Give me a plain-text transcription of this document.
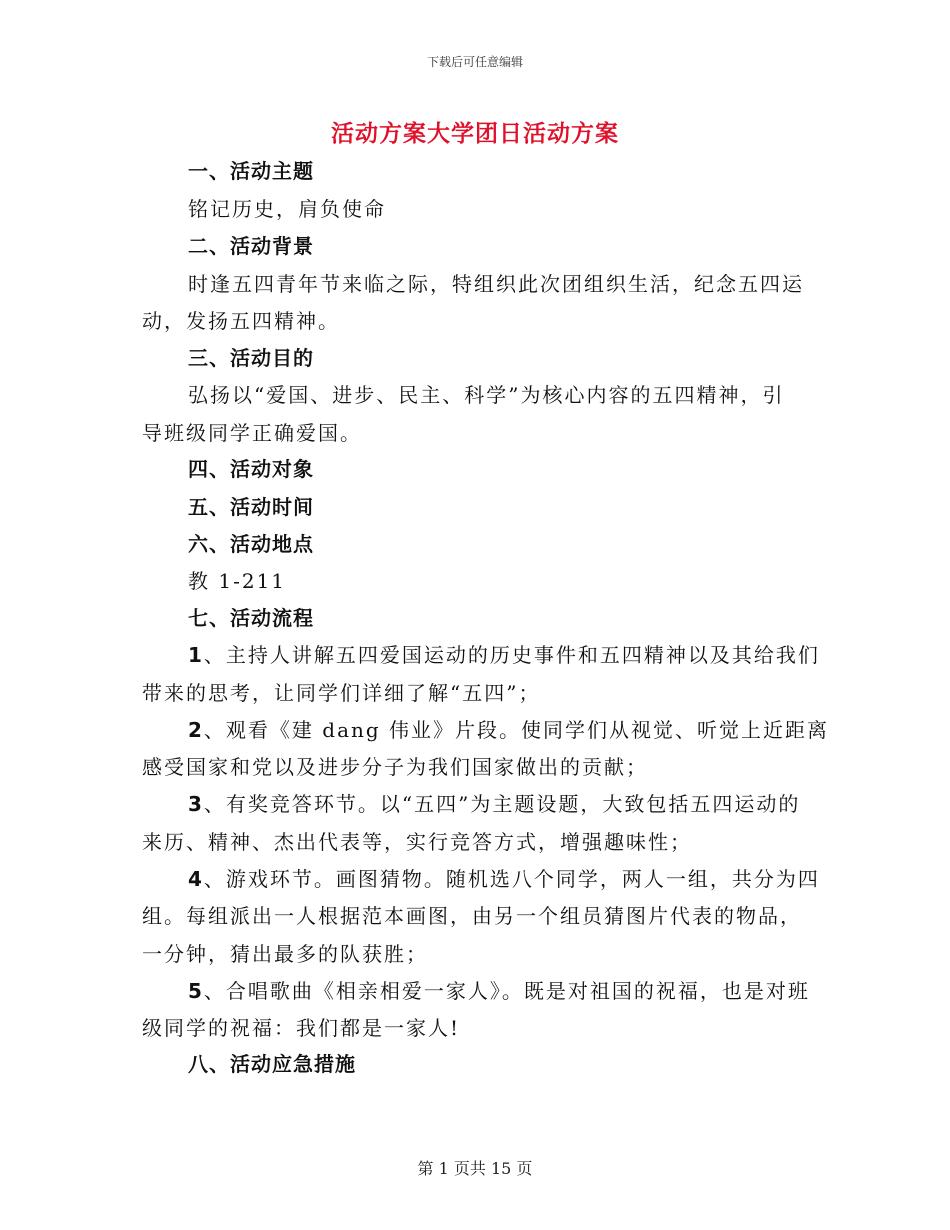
下载后可任意编辑
活动方案大学团日活动方案
一、活动主题
铭记历史，肩负使命
二、活动背景
时逢五四青年节来临之际，特组织此次团组织生活，纪念五四运
动，发扬五四精神。
三、活动目的
弘扬以“爱国、进步、民主、科学”为核心内容的五四精神，引
导班级同学正确爱国。
四、活动对象
五、活动时间
六、活动地点
教 1-211
七、活动流程
1、主持人讲解五四爱国运动的历史事件和五四精神以及其给我们
带来的思考，让同学们详细了解“五四”；
2、观看《建 dang 伟业》片段。使同学们从视觉、听觉上近距离
感受国家和党以及进步分子为我们国家做出的贡献；
3、有奖竞答环节。以“五四”为主题设题，大致包括五四运动的
来历、精神、杰出代表等，实行竞答方式，增强趣味性；
4、游戏环节。画图猜物。随机选八个同学，两人一组，共分为四
组。每组派出一人根据范本画图，由另一个组员猜图片代表的物品，
一分钟，猜出最多的队获胜；
5、合唱歌曲《相亲相爱一家人》。既是对祖国的祝福，也是对班
级同学的祝福：我们都是一家人!
八、活动应急措施
第 1 页共 15 页
